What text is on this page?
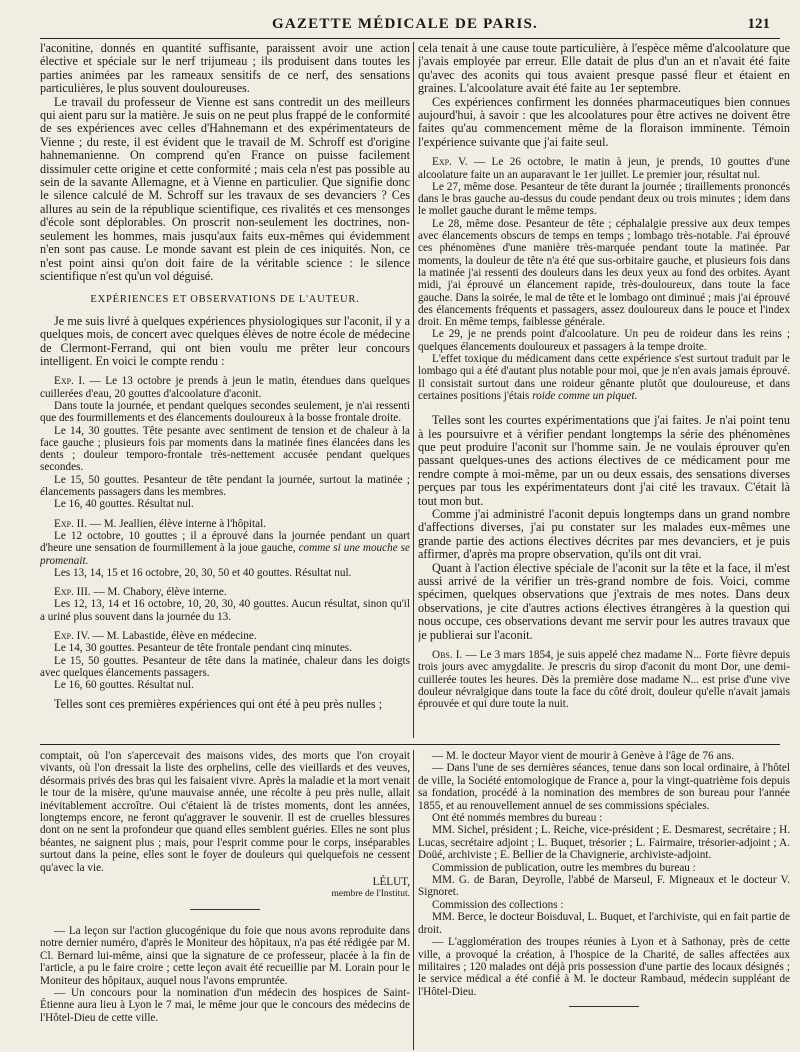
GAZETTE MÉDICALE DE PARIS.	121

l'aconitine, donnés en quantité suffisante, paraissent avoir une action élective et spéciale sur le nerf trijumeau ; ils produisent dans toutes les parties animées par les rameaux sensitifs de ce nerf, des sensations particulières, le plus souvent douloureuses.

Le travail du professeur de Vienne est sans contredit un des meilleurs qui aient paru sur la matière. Je suis on ne peut plus frappé de le conformité de ses expériences avec celles d'Hahnemann et des expérimentateurs de Vienne ; du reste, il est évident que le travail de M. Schroff est d'origine hahnemanienne. On comprend qu'en France on puisse facilement dissimuler cette origine et cette conformité ; mais cela n'est pas possible au sein de la savante Allemagne, et à Vienne en particulier. Que signifie donc le silence calculé de M. Schroff sur les travaux de ses devanciers ? Ces allures au sein de la république scientifique, ces rivalités et ces mensonges d'école sont déplorables. On proscrit non-seulement les doctrines, non-seulement les hommes, mais jusqu'aux faits eux-mêmes qui évidemment n'en sont pas cause. Le monde savant est plein de ces iniquités. Non, ce n'est point ainsi qu'on doit faire de la véritable science : le silence scientifique n'est qu'un vol déguisé.

EXPÉRIENCES ET OBSERVATIONS DE L'AUTEUR.

Je me suis livré à quelques expériences physiologiques sur l'aconit, il y a quelques mois, de concert avec quelques élèves de notre école de médecine de Clermont-Ferrand, qui ont bien voulu me prêter leur concours intelligent. En voici le compte rendu :

Exp. I. — Le 13 octobre je prends à jeun le matin, étendues dans quelques cuillerées d'eau, 20 gouttes d'alcoolature d'aconit.

Dans toute la journée, et pendant quelques secondes seulement, je n'ai ressenti que des fourmillements et des élancements douloureux à la bosse frontale droite.

Le 14, 30 gouttes. Tête pesante avec sentiment de tension et de chaleur à la face gauche ; plusieurs fois par moments dans la matinée fines élancées dans les dents ; douleur temporo-frontale très-nettement accusée pendant quelques secondes.

Le 15, 50 gouttes. Pesanteur de tête pendant la journée, surtout la matinée ; élancements passagers dans les membres.

Le 16, 40 gouttes. Résultat nul.

Exp. II. — M. Jeallien, élève interne à l'hôpital.

Le 12 octobre, 10 gouttes ; il a éprouvé dans la journée pendant un quart d'heure une sensation de fourmillement à la joue gauche, comme si une mouche se promenait.

Les 13, 14, 15 et 16 octobre, 20, 30, 50 et 40 gouttes. Résultat nul.

Exp. III. — M. Chabory, élève interne.

Les 12, 13, 14 et 16 octobre, 10, 20, 30, 40 gouttes. Aucun résultat, sinon qu'il a uriné plus souvent dans la journée du 13.

Exp. IV. — M. Labastide, élève en médecine.

Le 14, 30 gouttes. Pesanteur de tête frontale pendant cinq minutes.

Le 15, 50 gouttes. Pesanteur de tête dans la matinée, chaleur dans les doigts avec quelques élancements passagers.

Le 16, 60 gouttes. Résultat nul.

Telles sont ces premières expériences qui ont été à peu près nulles ;

cela tenait à une cause toute particulière, à l'espèce même d'alcoolature que j'avais employée par erreur. Elle datait de plus d'un an et n'avait été faite qu'avec des aconits qui tous avaient presque passé fleur et étaient en graines. L'alcoolature avait été faite au 1er septembre.

Ces expériences confirment les données pharmaceutiques bien connues aujourd'hui, à savoir : que les alcoolatures pour être actives ne doivent être faites qu'au commencement même de la floraison imminente. Témoin l'expérience suivante que j'ai faite seul.

Exp. V. — Le 26 octobre, le matin à jeun, je prends, 10 gouttes d'une alcoolature faite un an auparavant le 1er juillet. Le premier jour, résultat nul.

Le 27, même dose. Pesanteur de tête durant la journée ; tiraillements prononcés dans le bras gauche au-dessus du coude pendant deux ou trois minutes ; idem dans le mollet gauche durant le même temps.

Le 28, même dose. Pesanteur de tête ; céphalalgie pressive aux deux tempes avec élancements obscurs de temps en temps ; lombago très-notable. J'ai éprouvé ces phénomènes d'une manière très-marquée pendant toute la matinée. Par moments, la douleur de tête n'a été que sus-orbitaire gauche, et plusieurs fois dans la matinée j'ai ressenti des douleurs dans les deux yeux au fond des orbites. Ayant midi, j'ai éprouvé un élancement rapide, très-douloureux, dans toute la face gauche. Dans la soirée, le mal de tête et le lombago ont diminué ; mais j'ai éprouvé des élancements fréquents et passagers, assez douloureux dans le pouce et l'index droit. En même temps, faiblesse générale.

Le 29, je ne prends point d'alcoolature. Un peu de roideur dans les reins ; quelques élancements douloureux et passagers à la tempe droite.

L'effet toxique du médicament dans cette expérience s'est surtout traduit par le lombago qui a été d'autant plus notable pour moi, que je n'en avais jamais éprouvé. Il consistait surtout dans une roideur gênante plutôt que douloureuse, et dans certaines positions j'étais roide comme un piquet.

Telles sont les courtes expérimentations que j'ai faites. Je n'ai point tenu à les poursuivre et à vérifier pendant longtemps la série des phénomènes que peut produire l'aconit sur l'homme sain. Je ne voulais éprouver qu'en passant quelques-unes des actions électives de ce médicament pour me rendre compte à moi-même, par un ou deux essais, des sensations diverses perçues par tous les expérimentateurs dont j'ai cité les travaux. C'était là tout mon but.

Comme j'ai administré l'aconit depuis longtemps dans un grand nombre d'affections diverses, j'ai pu constater sur les malades eux-mêmes une grande partie des actions électives décrites par mes devanciers, et je puis affirmer, d'après ma propre observation, qu'ils ont dit vrai.

Quant à l'action élective spéciale de l'aconit sur la tête et la face, il m'est aussi arrivé de la vérifier un très-grand nombre de fois. Voici, comme spécimen, quelques observations que j'extrais de mes notes. Dans deux observations, je cite d'autres actions électives étrangères à la question qui nous occupe, ces observations devant me servir pour les autres travaux que je publierai sur l'aconit.

Obs. I. — Le 3 mars 1854, je suis appelé chez madame N... Forte fièvre depuis trois jours avec amygdalite. Je prescris du sirop d'aconit du mont Dor, une demi-cuillerée toutes les heures. Dès la première dose madame N... est prise d'une vive douleur névralgique dans toute la face du côté droit, douleur qu'elle n'avait jamais éprouvée et qui dure toute la nuit.

comptait, où l'on s'apercevait des maisons vides, des morts que l'on croyait vivants, où l'on dressait la liste des orphelins, celle des vieillards et des veuves, désormais privés des bras qui les faisaient vivre. Après la maladie et la mort venait le tour de la misère, qu'une mauvaise année, une récolte à peu près nulle, allait inévitablement accroître. Oui c'étaient là de tristes moments, dont les années, longtemps encore, ne feront qu'aggraver le souvenir. Il est de cruelles blessures dont on ne sent la profondeur que quand elles semblent guéries. Elles ne sont plus béantes, ne saignent plus ; mais, pour l'esprit comme pour le corps, inséparables surtout dans la peine, elles sont le foyer de douleurs qui quelquefois ne cessent qu'avec la vie.

LÉLUT,

membre de l'Institut.

— La leçon sur l'action glucogénique du foie que nous avons reproduite dans notre dernier numéro, d'après le Moniteur des hôpitaux, n'a pas été rédigée par M. Cl. Bernard lui-même, ainsi que la signature de ce professeur, placée à la fin de l'article, a pu le faire croire ; cette leçon avait été recueillie par M. Lorain pour le Moniteur des hôpitaux, auquel nous l'avons empruntée.

— Un concours pour la nomination d'un médecin des hospices de Saint-Étienne aura lieu à Lyon le 7 mai, le même jour que le concours des médecins de l'Hôtel-Dieu de cette ville.

— M. le docteur Mayor vient de mourir à Genève à l'âge de 76 ans.

— Dans l'une de ses dernières séances, tenue dans son local ordinaire, à l'hôtel de ville, la Société entomologique de France a, pour la vingt-quatrième fois depuis sa fondation, procédé à la nomination des membres de son bureau pour l'année 1855, et au renouvellement annuel de ses commissions spéciales.

Ont été nommés membres du bureau :

MM. Sichel, président ; L. Reiche, vice-président ; E. Desmarest, secrétaire ; H. Lucas, secrétaire adjoint ; L. Buquet, trésorier ; L. Fairmaire, trésorier-adjoint ; A. Doüé, archiviste ; E. Bellier de la Chavignerie, archiviste-adjoint.

Commission de publication, outre les membres du bureau :

MM. G. de Baran, Deyrolle, l'abbé de Marseul, F. Migneaux et le docteur V. Signoret.

Commission des collections :

MM. Berce, le docteur Boisduval, L. Buquet, et l'archiviste, qui en fait partie de droit.

— L'agglomération des troupes réunies à Lyon et à Sathonay, près de cette ville, a provoqué la création, à l'hospice de la Charité, de salles affectées aux militaires ; 120 malades ont déjà pris possession d'une partie des locaux désignés ; le service médical a été confié à M. le docteur Rambaud, médecin suppléant de l'Hôtel-Dieu.
